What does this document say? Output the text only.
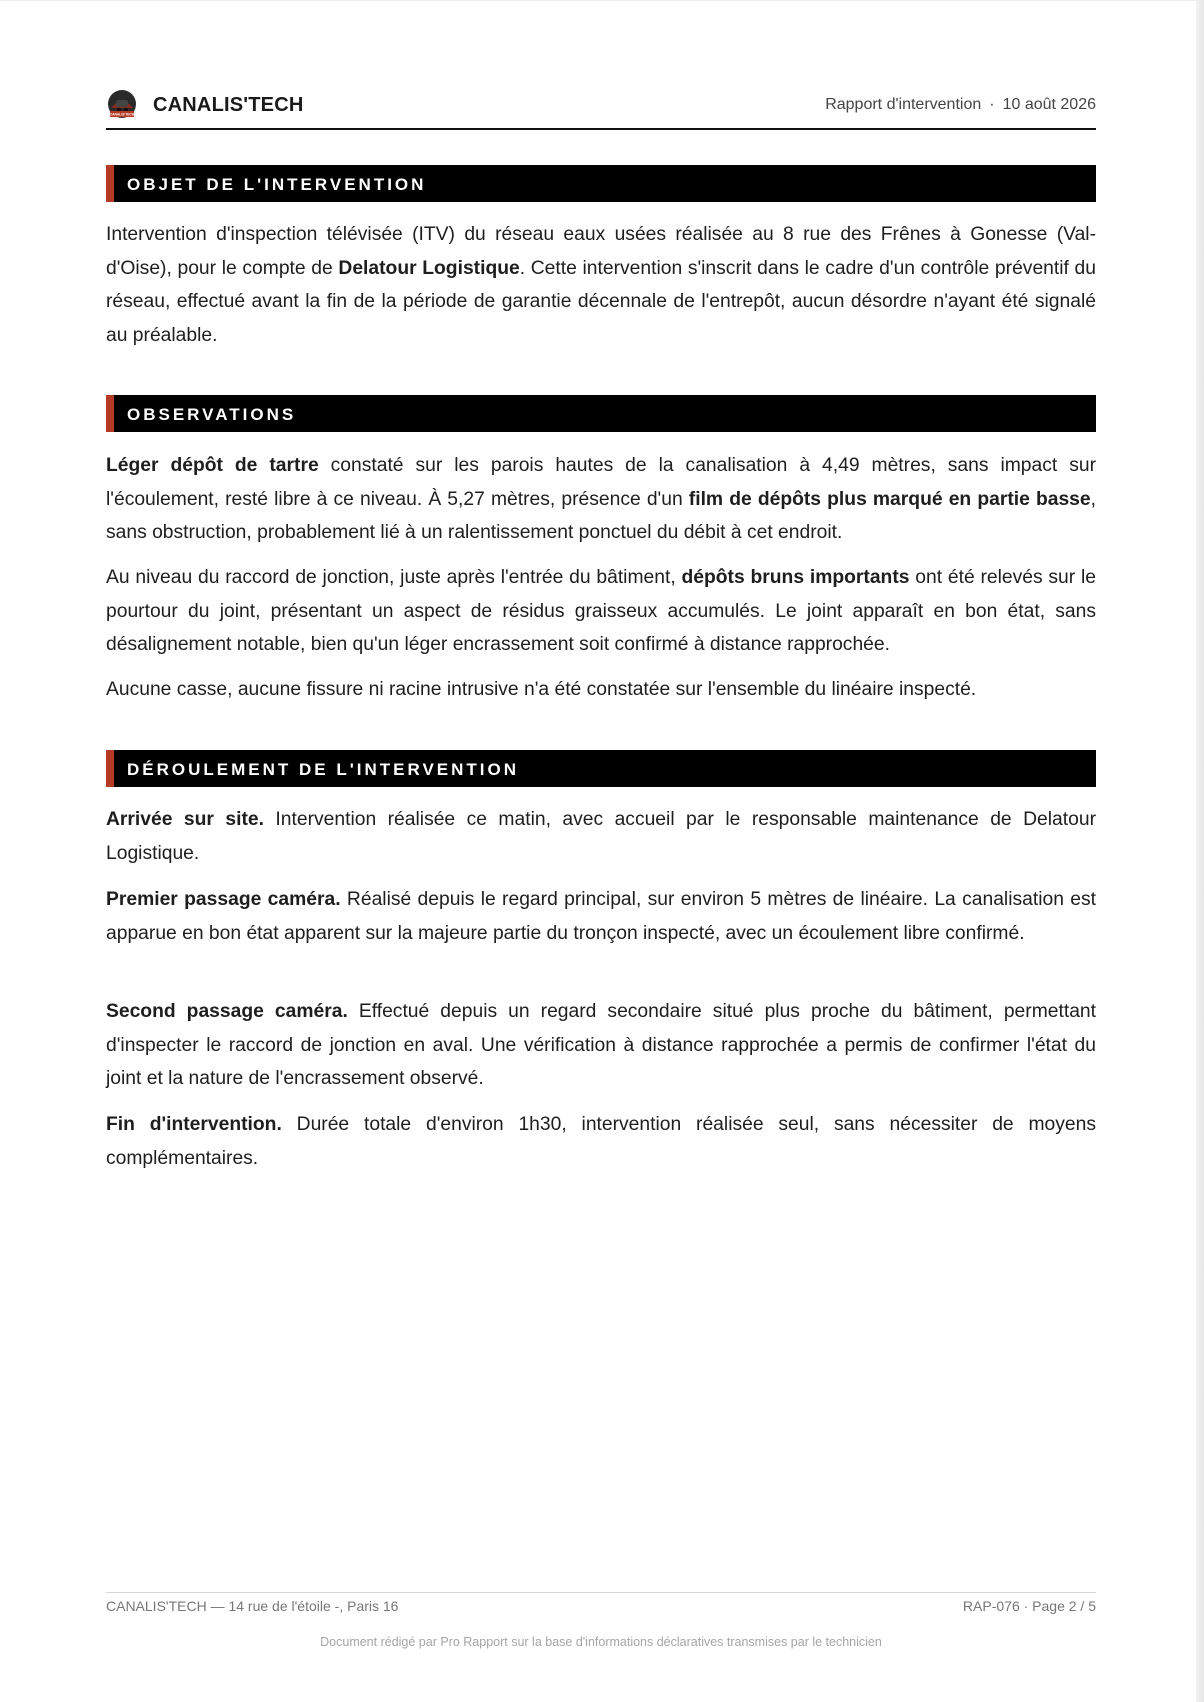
CANALIS'TECH CANALIS'TECH	Rapport d'intervention · 10 août 2026
OBJET DE L'INTERVENTION

Intervention d'inspection télévisée (ITV) du réseau eaux usées réalisée au 8 rue des Frênes à Gonesse (Val-d'Oise), pour le compte de Delatour Logistique. Cette intervention s'inscrit dans le cadre d'un contrôle préventif du réseau, effectué avant la fin de la période de garantie décennale de l'entrepôt, aucun désordre n'ayant été signalé au préalable.

OBSERVATIONS

Léger dépôt de tartre constaté sur les parois hautes de la canalisation à 4,49 mètres, sans impact sur l'écoulement, resté libre à ce niveau. À 5,27 mètres, présence d'un film de dépôts plus marqué en partie basse, sans obstruction, probablement lié à un ralentissement ponctuel du débit à cet endroit.

Au niveau du raccord de jonction, juste après l'entrée du bâtiment, dépôts bruns importants ont été relevés sur le pourtour du joint, présentant un aspect de résidus graisseux accumulés. Le joint apparaît en bon état, sans désalignement notable, bien qu'un léger encrassement soit confirmé à distance rapprochée.

Aucune casse, aucune fissure ni racine intrusive n'a été constatée sur l'ensemble du linéaire inspecté.

DÉROULEMENT DE L'INTERVENTION

Arrivée sur site. Intervention réalisée ce matin, avec accueil par le responsable maintenance de Delatour Logistique.

Premier passage caméra. Réalisé depuis le regard principal, sur environ 5 mètres de linéaire. La canalisation est apparue en bon état apparent sur la majeure partie du tronçon inspecté, avec un écoulement libre confirmé.

Second passage caméra. Effectué depuis un regard secondaire situé plus proche du bâtiment, permettant d'inspecter le raccord de jonction en aval. Une vérification à distance rapprochée a permis de confirmer l'état du joint et la nature de l'encrassement observé.

Fin d'intervention. Durée totale d'environ 1h30, intervention réalisée seul, sans nécessiter de moyens complémentaires.

CANALIS'TECH — 14 rue de l'étoile -, Paris 16	RAP-076 · Page 2 / 5
Document rédigé par Pro Rapport sur la base d'informations déclaratives transmises par le technicien
